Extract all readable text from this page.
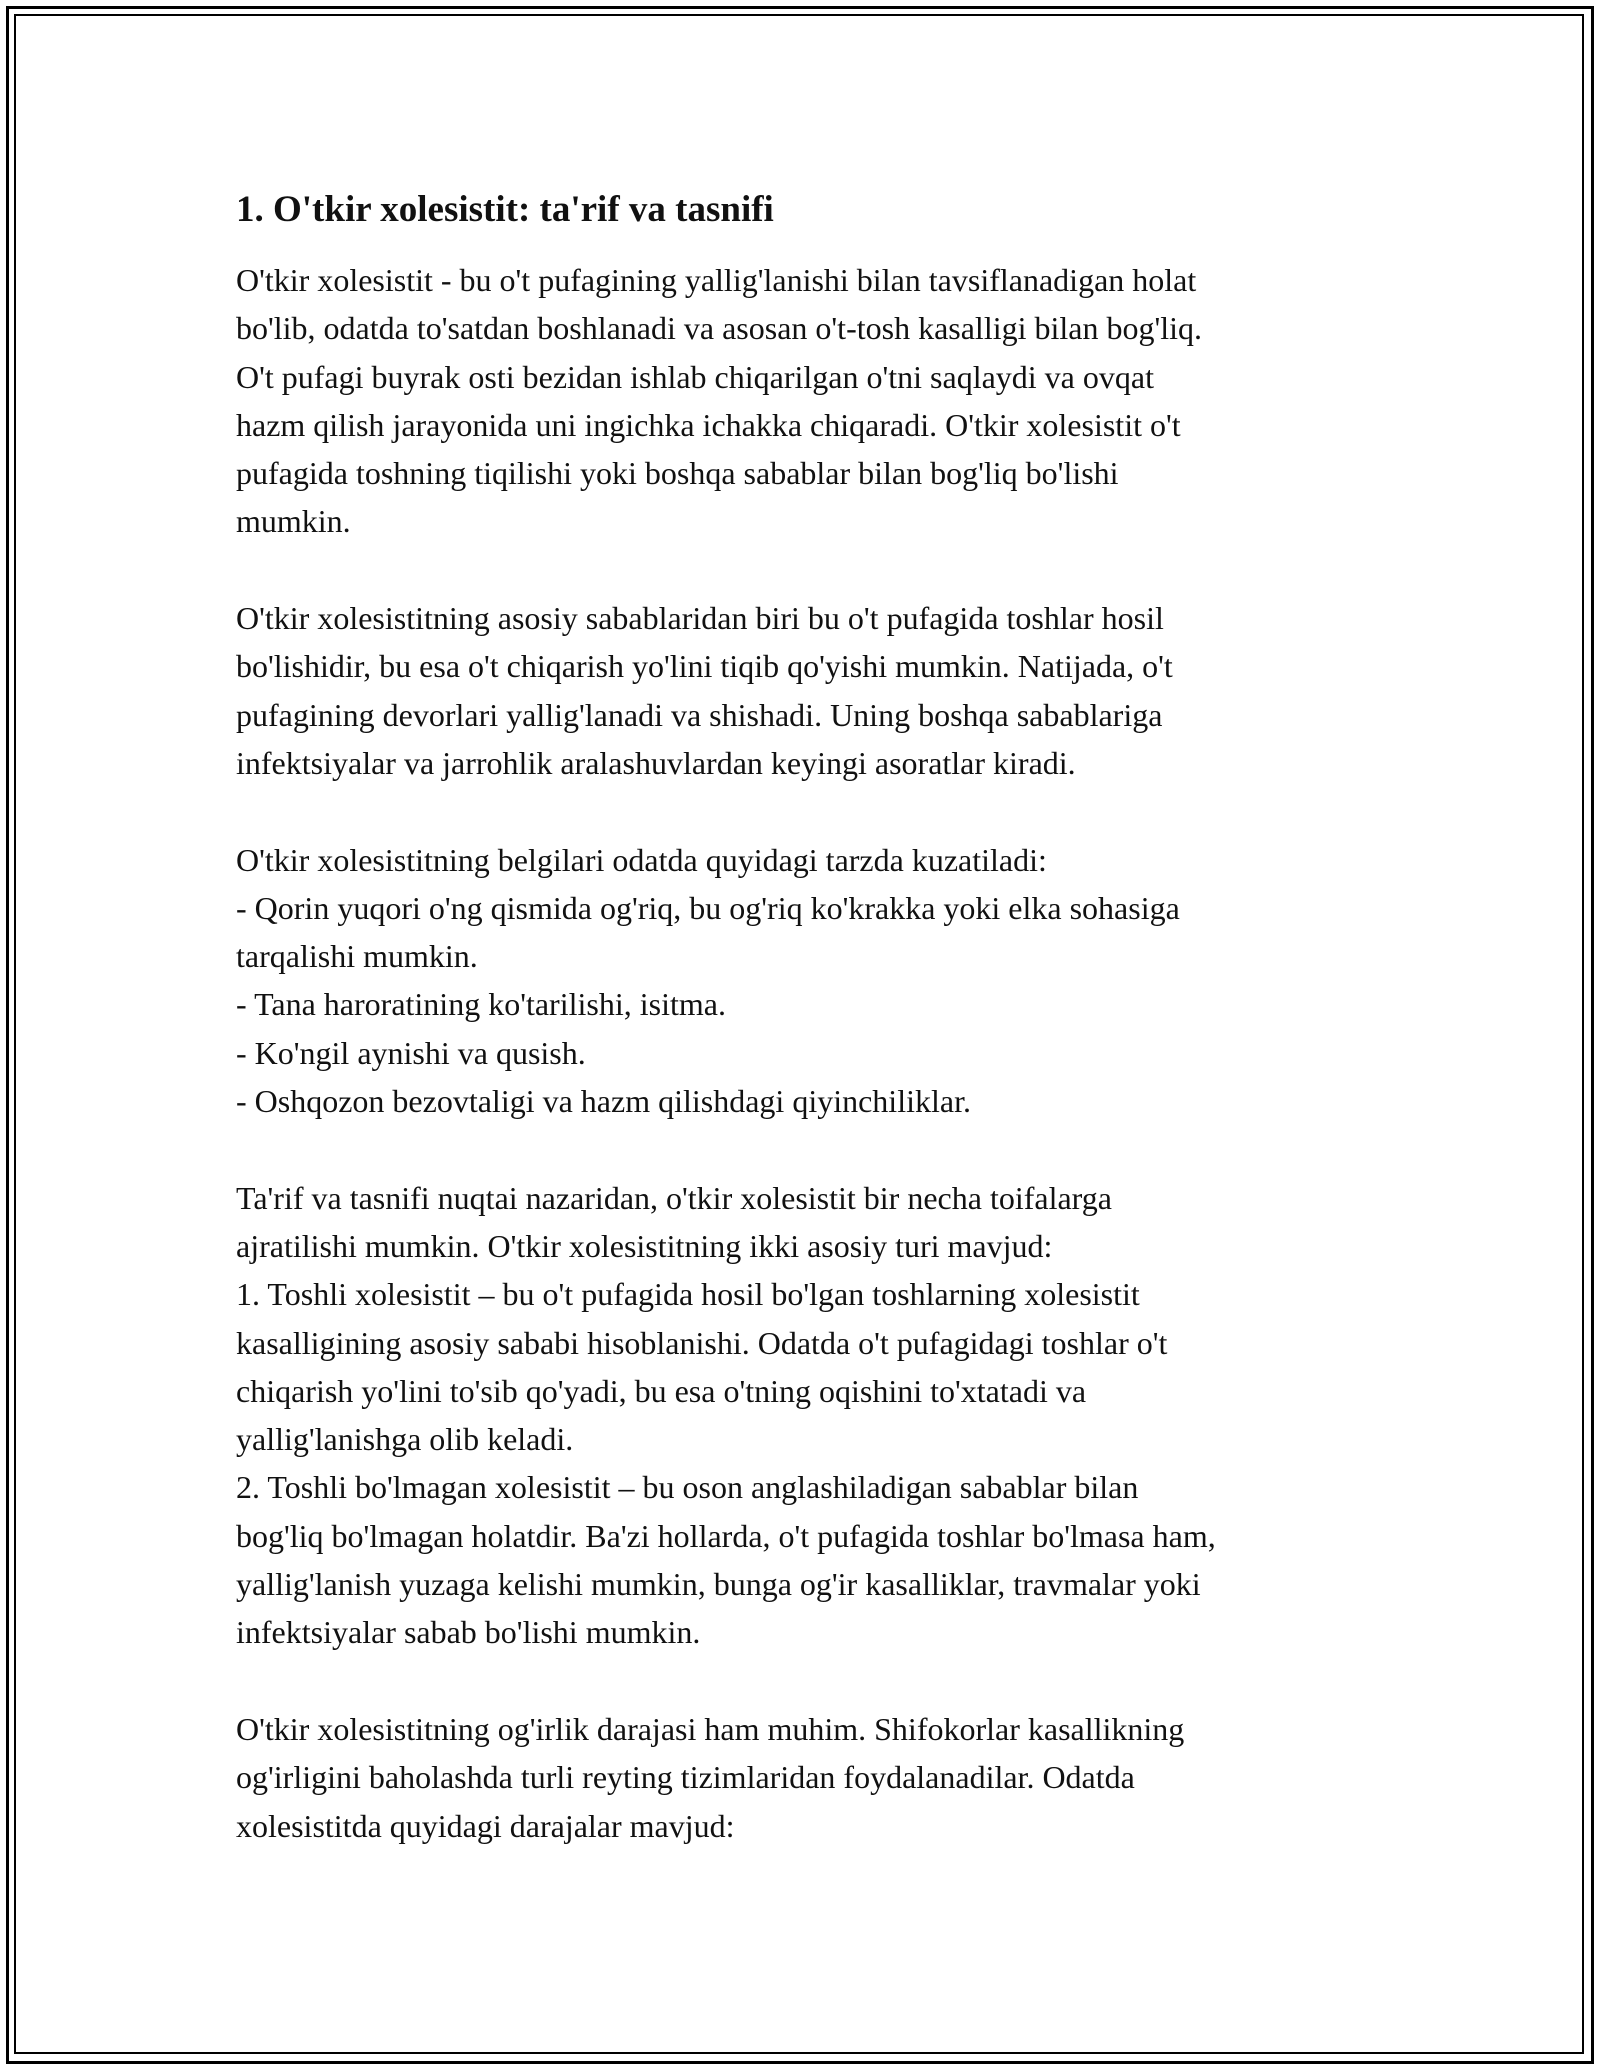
1. O'tkir xolesistit: ta'rif va tasnifi
O'tkir xolesistit - bu o't pufagining yallig'lanishi bilan tavsiflanadigan holat
bo'lib, odatda to'satdan boshlanadi va asosan o't-tosh kasalligi bilan bog'liq.
O't pufagi buyrak osti bezidan ishlab chiqarilgan o'tni saqlaydi va ovqat
hazm qilish jarayonida uni ingichka ichakka chiqaradi. O'tkir xolesistit o't
pufagida toshning tiqilishi yoki boshqa sabablar bilan bog'liq bo'lishi
mumkin.
O'tkir xolesistitning asosiy sabablaridan biri bu o't pufagida toshlar hosil
bo'lishidir, bu esa o't chiqarish yo'lini tiqib qo'yishi mumkin. Natijada, o't
pufagining devorlari yallig'lanadi va shishadi. Uning boshqa sabablariga
infektsiyalar va jarrohlik aralashuvlardan keyingi asoratlar kiradi.
O'tkir xolesistitning belgilari odatda quyidagi tarzda kuzatiladi:
- Qorin yuqori o'ng qismida og'riq, bu og'riq ko'krakka yoki elka sohasiga
tarqalishi mumkin.
- Tana haroratining ko'tarilishi, isitma.
- Ko'ngil aynishi va qusish.
- Oshqozon bezovtaligi va hazm qilishdagi qiyinchiliklar.
Ta'rif va tasnifi nuqtai nazaridan, o'tkir xolesistit bir necha toifalarga
ajratilishi mumkin. O'tkir xolesistitning ikki asosiy turi mavjud:
1. Toshli xolesistit – bu o't pufagida hosil bo'lgan toshlarning xolesistit
kasalligining asosiy sababi hisoblanishi. Odatda o't pufagidagi toshlar o't
chiqarish yo'lini to'sib qo'yadi, bu esa o'tning oqishini to'xtatadi va
yallig'lanishga olib keladi.
2. Toshli bo'lmagan xolesistit – bu oson anglashiladigan sabablar bilan
bog'liq bo'lmagan holatdir. Ba'zi hollarda, o't pufagida toshlar bo'lmasa ham,
yallig'lanish yuzaga kelishi mumkin, bunga og'ir kasalliklar, travmalar yoki
infektsiyalar sabab bo'lishi mumkin.
O'tkir xolesistitning og'irlik darajasi ham muhim. Shifokorlar kasallikning
og'irligini baholashda turli reyting tizimlaridan foydalanadilar. Odatda
xolesistitda quyidagi darajalar mavjud:
